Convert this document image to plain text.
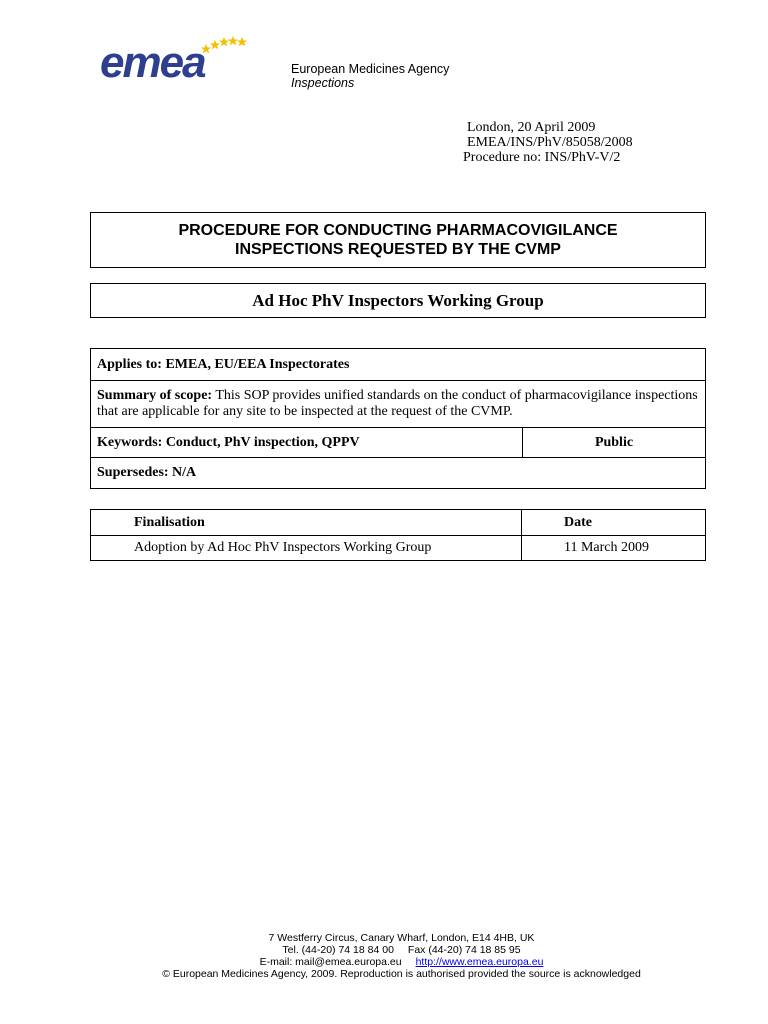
emea	European Medicines Agency
Inspections
London, 20 April 2009
EMEA/INS/PhV/85058/2008
Procedure no: INS/PhV-V/2
PROCEDURE FOR CONDUCTING PHARMACOVIGILANCE INSPECTIONS REQUESTED BY THE CVMP
Ad Hoc PhV Inspectors Working Group
Applies to: EMEA, EU/EEA Inspectorates
Summary of scope: This SOP provides unified standards on the conduct of pharmacovigilance inspections that are applicable for any site to be inspected at the request of the CVMP.
Keywords: Conduct, PhV inspection, QPPV	Public
Supersedes: N/A
Finalisation	Date
Adoption by Ad Hoc PhV Inspectors Working Group	11 March 2009
7 Westferry Circus, Canary Wharf, London, E14 4HB, UK
Tel. (44-20) 74 18 84 00 Fax (44-20) 74 18 85 95
E-mail: mail@emea.europa.eu http://www.emea.europa.eu
© European Medicines Agency, 2009. Reproduction is authorised provided the source is acknowledged
